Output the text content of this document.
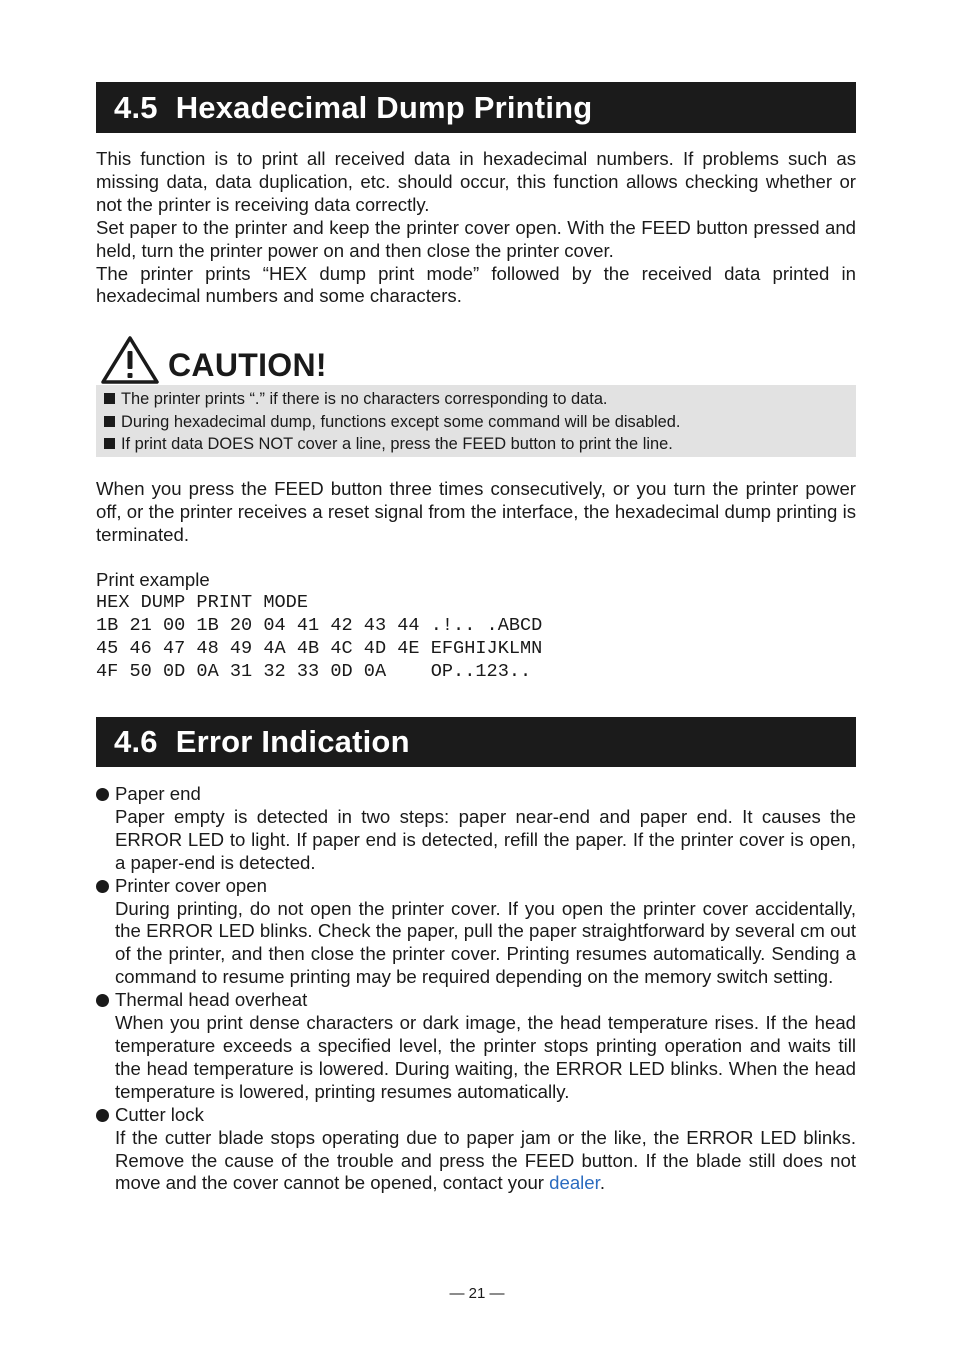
4.5 Hexadecimal Dump Printing

This function is to print all received data in hexadecimal numbers. If problems such as missing data, data duplication, etc. should occur, this function allows checking whether or not the printer is receiving data correctly.

Set paper to the printer and keep the printer cover open. With the FEED button pressed and held, turn the printer power on and then close the printer cover.

The printer prints “HEX dump print mode” followed by the received data printed in hexadecimal numbers and some characters.

CAUTION!
The printer prints “.” if there is no characters corresponding to data.
During hexadecimal dump, functions except some command will be disabled.
If print data DOES NOT cover a line, press the FEED button to print the line.

When you press the FEED button three times consecutively, or you turn the printer power off, or the printer receives a reset signal from the interface, the hexadecimal dump printing is terminated.

Print example

HEX DUMP PRINT MODE
1B 21 00 1B 20 04 41 42 43 44 .!.. .ABCD
45 46 47 48 49 4A 4B 4C 4D 4E EFGHIJKLMN
4F 50 0D 0A 31 32 33 0D 0A    OP..123..
4.6 Error Indication
Paper end

Paper empty is detected in two steps: paper near-end and paper end. It causes the ERROR LED to light. If paper end is detected, refill the paper. If the printer cover is open, a paper-end is detected.

Printer cover open

During printing, do not open the printer cover. If you open the printer cover accidentally, the ERROR LED blinks. Check the paper, pull the paper straightforward by several cm out of the printer, and then close the printer cover. Printing resumes automatically. Sending a command to resume printing may be required depending on the memory switch setting.

Thermal head overheat

When you print dense characters or dark image, the head temperature rises. If the head temperature exceeds a specified level, the printer stops printing operation and waits till the head temperature is lowered. During waiting, the ERROR LED blinks. When the head temperature is lowered, printing resumes automatically.

Cutter lock

If the cutter blade stops operating due to paper jam or the like, the ERROR LED blinks. Remove the cause of the trouble and press the FEED button. If the blade still does not move and the cover cannot be opened, contact your dealer.

— 21 —
